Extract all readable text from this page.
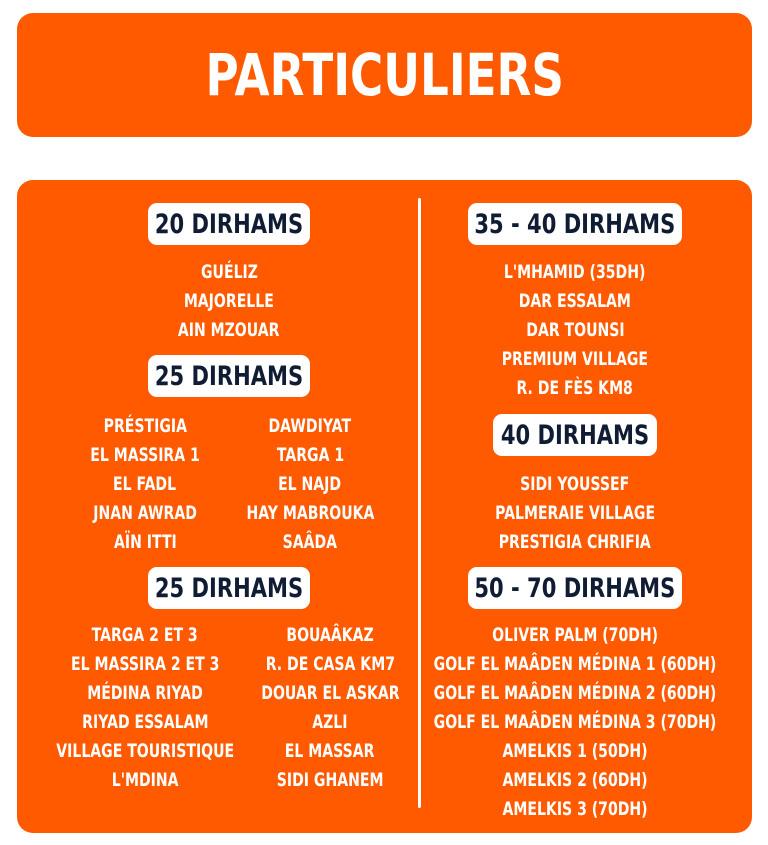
PARTICULIERS
20 DIRHAMS
GUÉLIZ
MAJORELLE
AIN MZOUAR
25 DIRHAMS
PRÉSTIGIA
EL MASSIRA 1
EL FADL
JNAN AWRAD
AÏN ITTI
DAWDIYAT
TARGA 1
EL NAJD
HAY MABROUKA
SAÂDA
25 DIRHAMS
TARGA 2 ET 3
EL MASSIRA 2 ET 3
MÉDINA RIYAD
RIYAD ESSALAM
VILLAGE TOURISTIQUE
L'MDINA
BOUAÂKAZ
R. DE CASA KM7
DOUAR EL ASKAR
AZLI
EL MASSAR
SIDI GHANEM
35 - 40 DIRHAMS
L'MHAMID (35DH)
DAR ESSALAM
DAR TOUNSI
PREMIUM VILLAGE
R. DE FÈS KM8
40 DIRHAMS
SIDI YOUSSEF
PALMERAIE VILLAGE
PRESTIGIA CHRIFIA
50 - 70 DIRHAMS
OLIVER PALM (70DH)
GOLF EL MAÂDEN MÉDINA 1 (60DH)
GOLF EL MAÂDEN MÉDINA 2 (60DH)
GOLF EL MAÂDEN MÉDINA 3 (70DH)
AMELKIS 1 (50DH)
AMELKIS 2 (60DH)
AMELKIS 3 (70DH)
